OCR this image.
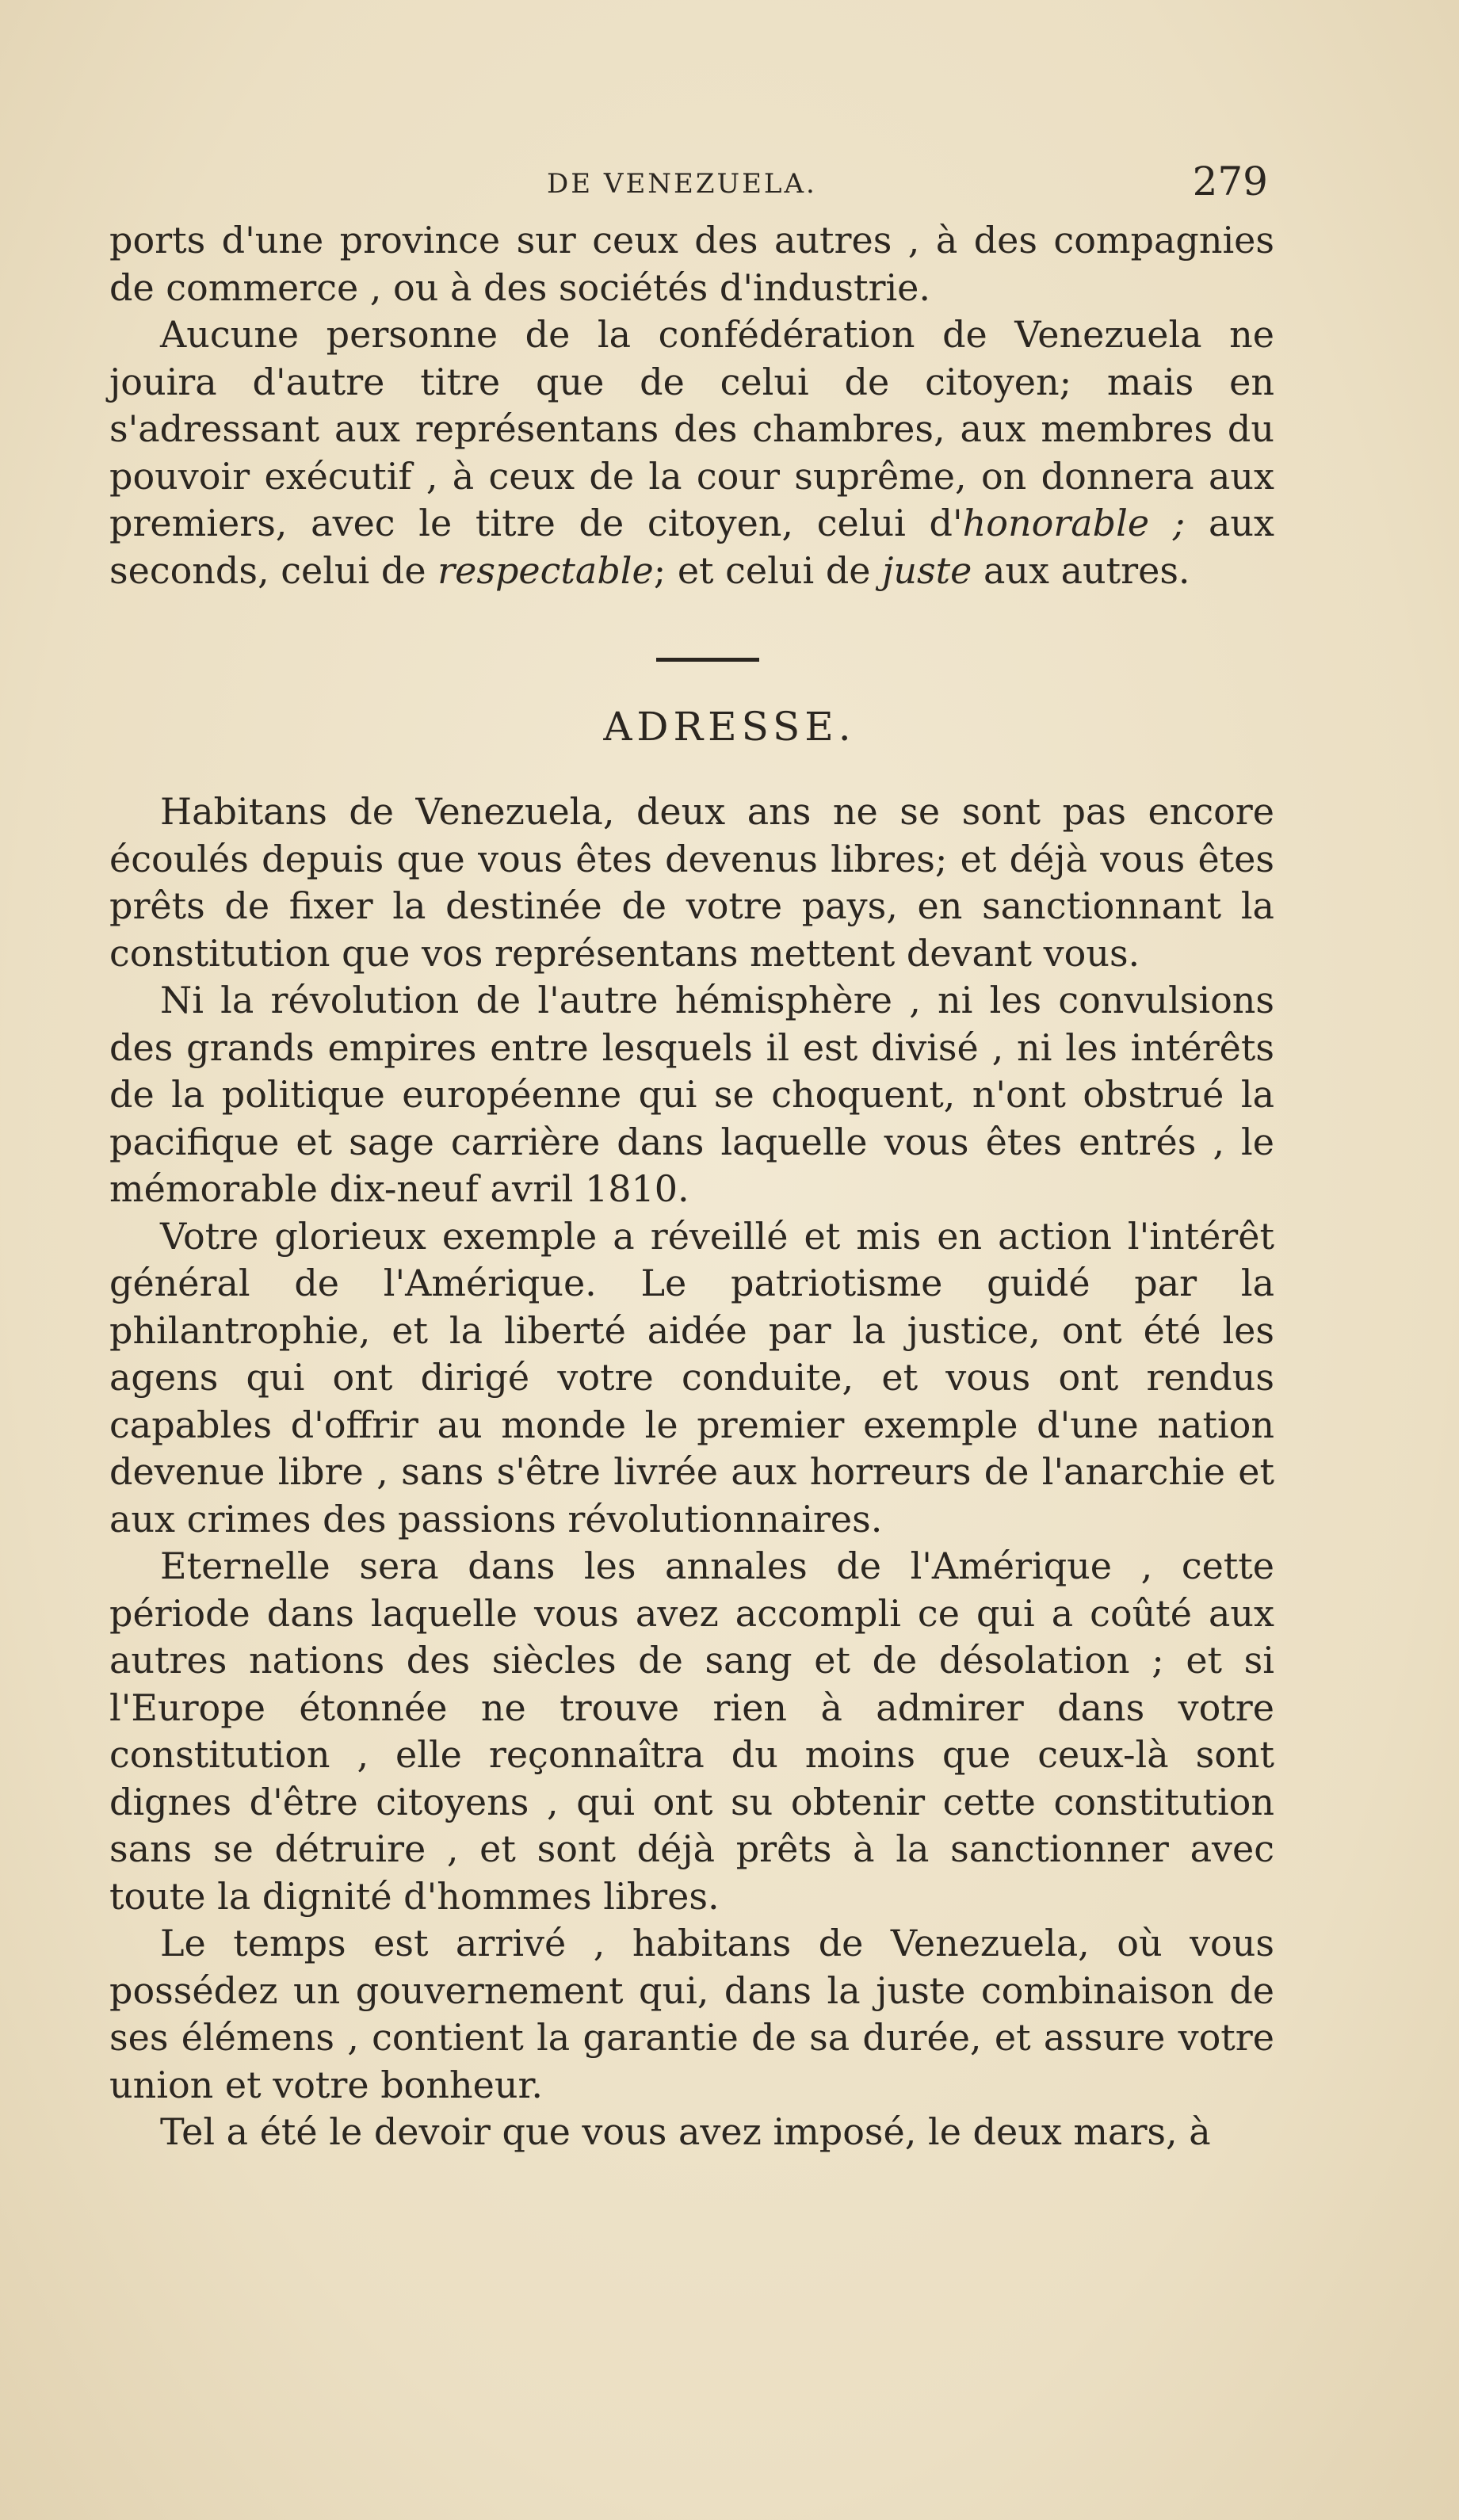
DE VENEZUELA.	279

ports d'une province sur ceux des autres , à des compagnies de commerce , ou à des sociétés d'industrie.

Aucune personne de la confédération de Venezuela ne jouira d'autre titre que de celui de citoyen; mais en s'adressant aux représentans des chambres, aux membres du pouvoir exécutif , à ceux de la cour suprême, on donnera aux premiers, avec le titre de citoyen, celui d'honorable ; aux seconds, celui de respectable; et celui de juste aux autres.

ADRESSE.

Habitans de Venezuela, deux ans ne se sont pas encore écoulés depuis que vous êtes devenus libres; et déjà vous êtes prêts de fixer la destinée de votre pays, en sanctionnant la constitution que vos représentans mettent devant vous.

Ni la révolution de l'autre hémisphère , ni les convulsions des grands empires entre lesquels il est divisé , ni les intérêts de la politique européenne qui se choquent, n'ont obstrué la pacifique et sage carrière dans laquelle vous êtes entrés , le mémorable dix-neuf avril 1810.

Votre glorieux exemple a réveillé et mis en action l'intérêt général de l'Amérique. Le patriotisme guidé par la philantrophie, et la liberté aidée par la justice, ont été les agens qui ont dirigé votre conduite, et vous ont rendus capables d'offrir au monde le premier exemple d'une nation devenue libre , sans s'être livrée aux horreurs de l'anarchie et aux crimes des passions révolutionnaires.

Eternelle sera dans les annales de l'Amérique , cette période dans laquelle vous avez accompli ce qui a coûté aux autres nations des siècles de sang et de désolation ; et si l'Europe étonnée ne trouve rien à admirer dans votre constitution , elle reçonnaîtra du moins que ceux-là sont dignes d'être citoyens , qui ont su obtenir cette constitution sans se détruire , et sont déjà prêts à la sanctionner avec toute la dignité d'hommes libres.

Le temps est arrivé , habitans de Venezuela, où vous possédez un gouvernement qui, dans la juste combinaison de ses élémens , contient la garantie de sa durée, et assure votre union et votre bonheur.

Tel a été le devoir que vous avez imposé, le deux mars, à
